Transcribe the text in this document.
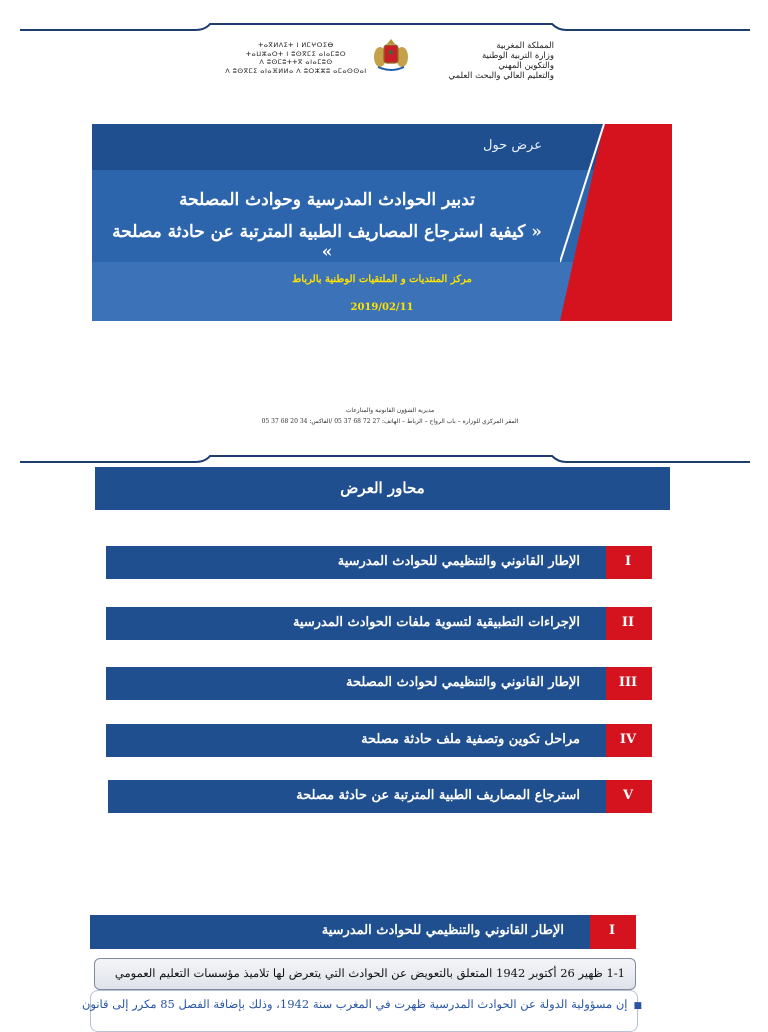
المملكة المغربية
وزارة التربية الوطنية
والتكوين المهني
والتعليم العالي والبحث العلمي
ⵜⴰⴳⵍⴷⵉⵜ ⵏ ⵍⵎⵖⵔⵉⴱ
ⵜⴰⵡⵣⴰⵔⵜ ⵏ ⵓⵙⴳⵎⵉ ⴰⵏⴰⵎⵓⵔ
ⴷ ⵓⵙⵎⵓⵜⵜⴳ ⴰⵏⴰⵎⵓⵙ
ⴷ ⵓⵙⴳⵎⵉ ⴰⵏⴰⴼⵍⵍⴰ ⴷ ⵓⵔⵣⵣⵓ ⴰⵎⴰⵙⵙⴰⵏ
عرض حول
تدبير الحوادث المدرسية وحوادث المصلحة
« كيفية استرجاع المصاريف الطبية المترتبة عن حادثة مصلحة »
مركز المنتديات و الملتقيات الوطنية بالرباط
2019/02/11
مديرية الشؤون القانونية والمنازعات
المقر المركزي للوزارة – باب الرواح – الرباط – الهاتف: 27 72 68 37 05 /الفاكس: 34 20 68 37 05
محاور العرض
I
الإطار القانوني والتنظيمي للحوادث المدرسية
II
الإجراءات التطبيقية لتسوية ملفات الحوادث المدرسية
III
الإطار القانوني والتنظيمي لحوادث المصلحة
IV
مراحل تكوين وتصفية ملف حادثة مصلحة
V
استرجاع المصاريف الطبية المترتبة عن حادثة مصلحة
I
الإطار القانوني والتنظيمي للحوادث المدرسية
1-1 ظهير 26 أكتوبر 1942 المتعلق بالتعويض عن الحوادث التي يتعرض لها تلاميذ مؤسسات التعليم العمومي
■إن مسؤولية الدولة عن الحوادث المدرسية ظهرت في المغرب سنة 1942، وذلك بإضافة الفصل 85 مكرر إلى قانون
